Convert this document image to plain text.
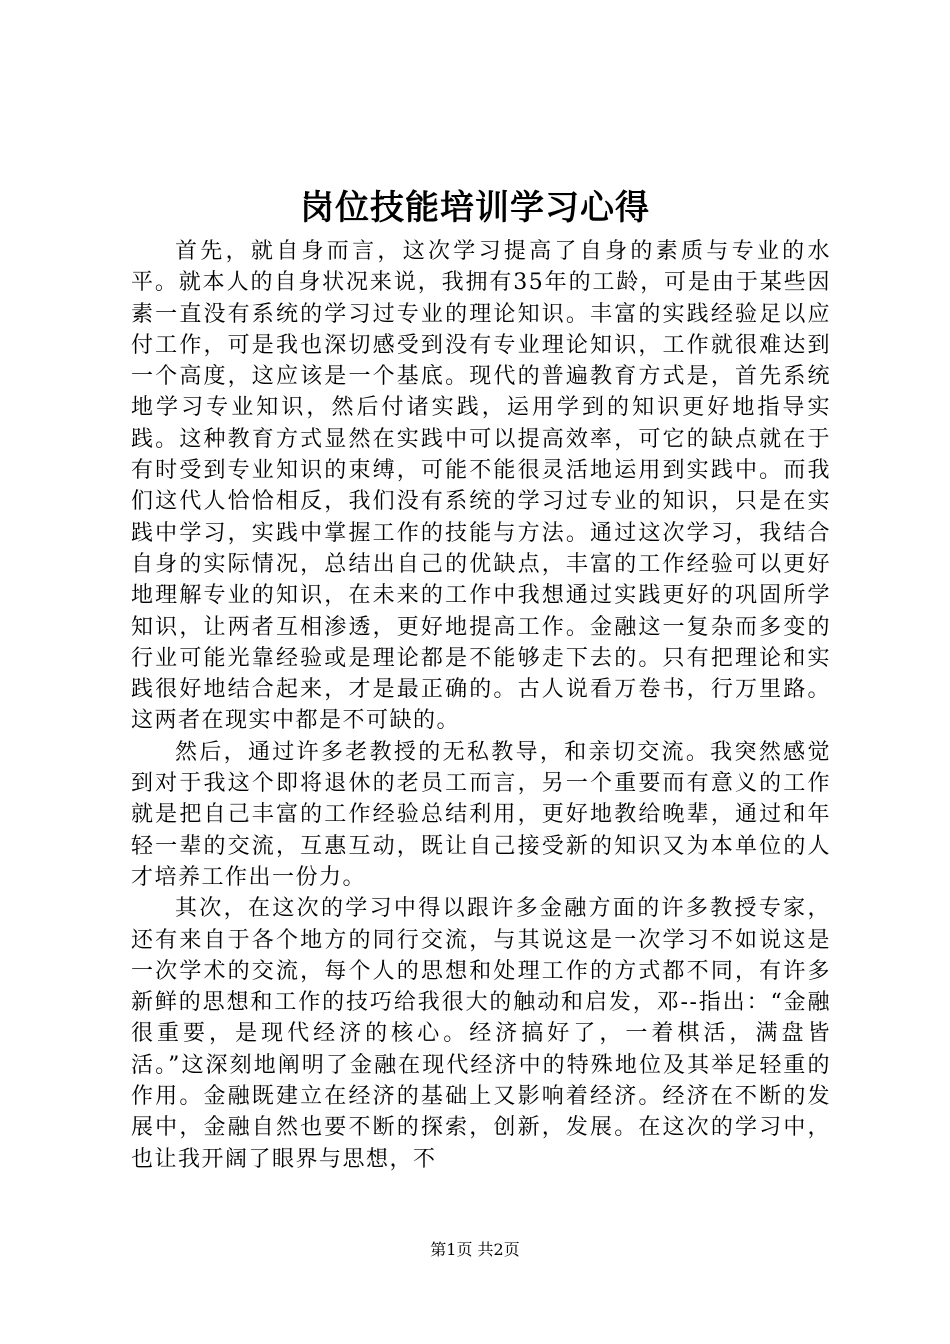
岗位技能培训学习心得

首先，就自身而言，这次学习提高了自身的素质与专业的水平。就本人的自身状况来说，我拥有35年的工龄，可是由于某些因素一直没有系统的学习过专业的理论知识。丰富的实践经验足以应付工作，可是我也深切感受到没有专业理论知识，工作就很难达到一个高度，这应该是一个基底。现代的普遍教育方式是，首先系统地学习专业知识，然后付诸实践，运用学到的知识更好地指导实践。这种教育方式显然在实践中可以提高效率，可它的缺点就在于有时受到专业知识的束缚，可能不能很灵活地运用到实践中。而我们这代人恰恰相反，我们没有系统的学习过专业的知识，只是在实践中学习，实践中掌握工作的技能与方法。通过这次学习，我结合自身的实际情况，总结出自己的优缺点，丰富的工作经验可以更好地理解专业的知识，在未来的工作中我想通过实践更好的巩固所学知识，让两者互相渗透，更好地提高工作。金融这一复杂而多变的行业可能光靠经验或是理论都是不能够走下去的。只有把理论和实践很好地结合起来，才是最正确的。古人说看万卷书，行万里路。这两者在现实中都是不可缺的。

然后，通过许多老教授的无私教导，和亲切交流。我突然感觉到对于我这个即将退休的老员工而言，另一个重要而有意义的工作就是把自己丰富的工作经验总结利用，更好地教给晚辈，通过和年轻一辈的交流，互惠互动，既让自己接受新的知识又为本单位的人才培养工作出一份力。

其次，在这次的学习中得以跟许多金融方面的许多教授专家，还有来自于各个地方的同行交流，与其说这是一次学习不如说这是一次学术的交流，每个人的思想和处理工作的方式都不同，有许多新鲜的思想和工作的技巧给我很大的触动和启发，邓--指出：“金融很重要，是现代经济的核心。经济搞好了，一着棋活，满盘皆活。”这深刻地阐明了金融在现代经济中的特殊地位及其举足轻重的作用。金融既建立在经济的基础上又影响着经济。经济在不断的发展中，金融自然也要不断的探索，创新，发展。在这次的学习中，也让我开阔了眼界与思想，不

第1页 共2页
